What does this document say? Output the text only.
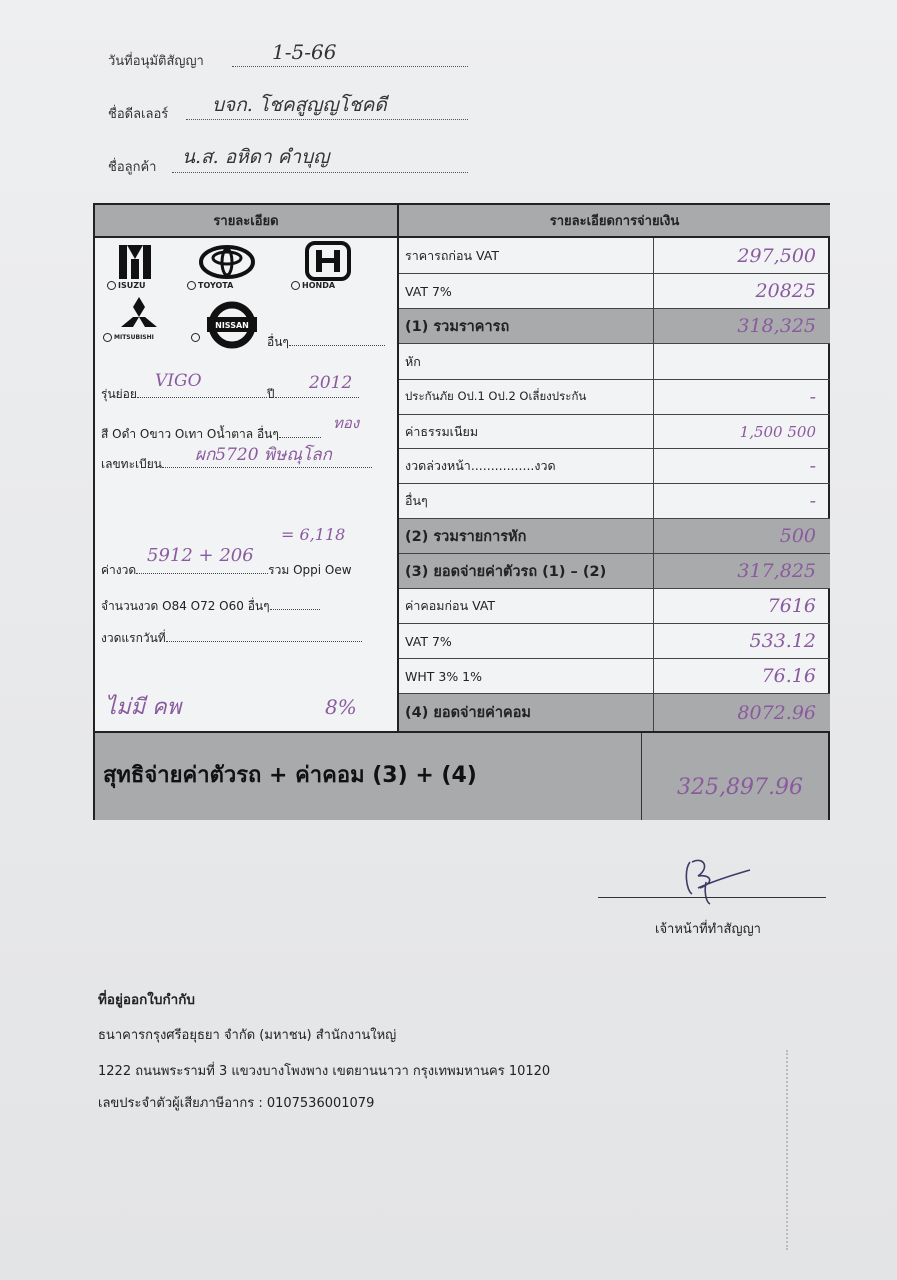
วันที่อนุมัติสัญญา	1-5-66
ชื่อดีลเลอร์ บจก. โชคสูญญโชคดี
ชื่อลูกค้า น.ส. อหิดา คำบุญ
รายละเอียด
ISUZU	TOYOTA	HONDA
MITSUBISHI
NISSAN
อื่นๆ
รุ่นย่อย	ปี
VIGO	2012
สี Oดำ Oขาว Oเทา Oน้ำตาล อื่นๆ
ทอง
เลขทะเบียน	ผก5720 พิษณุโลก
= 6,118
ค่างวด	รวม Oppi Oew
5912 + 206
จำนวนงวด O84 O72 O60 อื่นๆ
งวดแรกวันที่
ไม่มี คพ	8%
รายละเอียดการจ่ายเงิน
ราคารถก่อน VAT	297,500
VAT 7%	20825
(1) รวมราคารถ	318,325
หัก
ประกันภัย Oป.1 Oป.2 Oเลี่ยงประกัน	-
ค่าธรรมเนียม	1,500 500
งวดล่วงหน้า................งวด	-
อื่นๆ	-
(2) รวมรายการหัก	500
(3) ยอดจ่ายค่าตัวรถ (1) – (2)	317,825
ค่าคอมก่อน VAT	7616
VAT 7%	533.12
WHT 3% 1%	76.16
(4) ยอดจ่ายค่าคอม	8072.96
สุทธิจ่ายค่าตัวรถ + ค่าคอม (3) + (4)	325,897.96
เจ้าหน้าที่ทำสัญญา
ที่อยู่ออกใบกำกับ
ธนาคารกรุงศรีอยุธยา จำกัด (มหาชน) สำนักงานใหญ่
1222 ถนนพระรามที่ 3 แขวงบางโพงพาง เขตยานนาวา กรุงเทพมหานคร 10120
เลขประจำตัวผู้เสียภาษีอากร : 0107536001079
